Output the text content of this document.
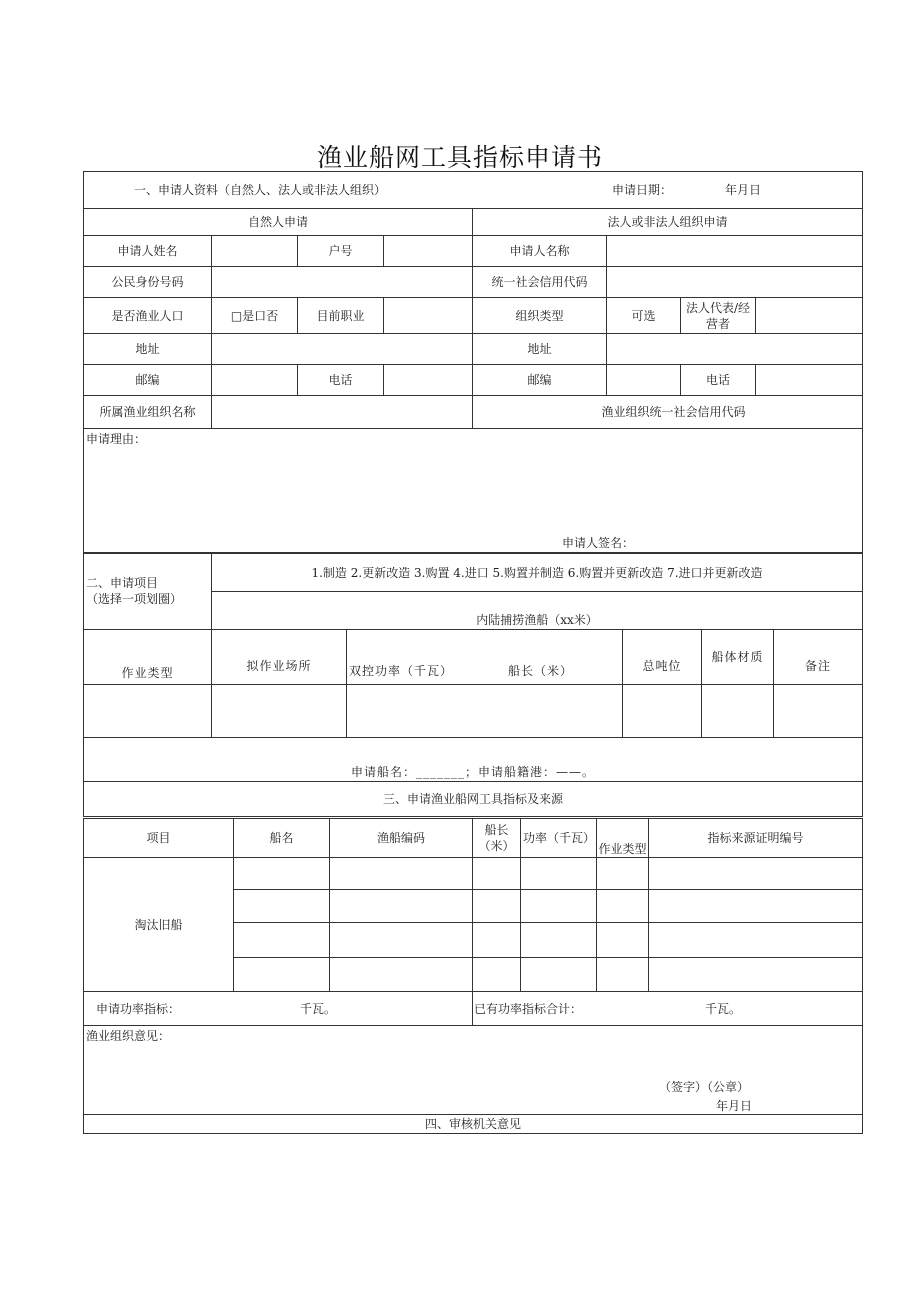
渔业船网工具指标申请书
一、申请人资料（自然人、法人或非法人组织） 申请日期： 年月日							

自然人申请				法人或非法人组织申请			
申请人姓名		户号		申请人名称			
公民身份号码				统一社会信用代码			
是否渔业人口	□是口否	目前职业		组织类型	可选	法人代表/经营者	
地址				地址			
邮编		电话		邮编		电话	
所属渔业组织名称				渔业组织统一社会信用代码			

申请理由：
申请人签名：							
二、申请项目
（选择一项划圈）	1.制造 2.更新改造 3.购置 4.进口 5.购置并制造 6.购置并更新改造 7.进口并更新改造				
	内陆捕捞渔船（xx米）				
作业类型	拟作业场所	双控功率（千瓦） 船长（米）	总吨位	船体材质	备注

申请船名：_______；申请船籍港：——。					
三、申请渔业船网工具指标及来源					
项目	船名	渔船编码	船长（米）	功率（千瓦）	作业类型	指标来源证明编号
淘汰旧船						

申请功率指标： 千瓦。			已有功率指标合计： 千瓦。			

渔业组织意见：
（签字）（公章）
年月日						

四、审核机关意见						
